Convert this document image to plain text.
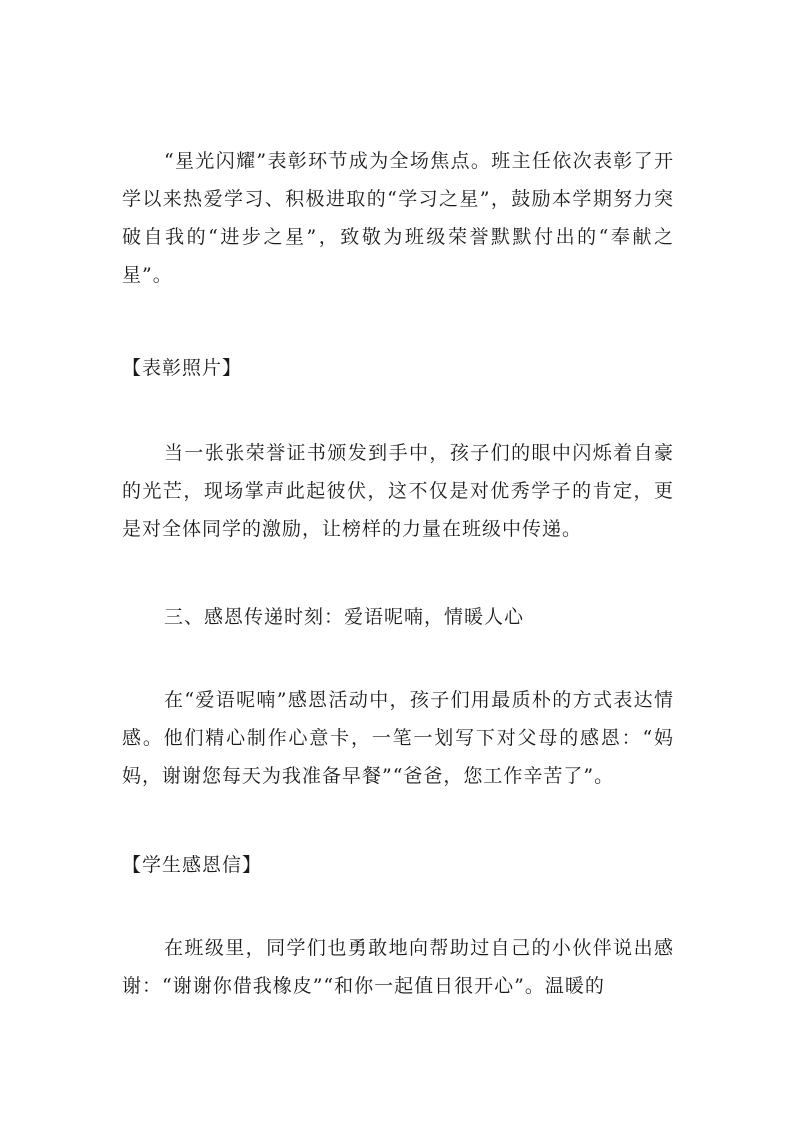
“星光闪耀”表彰环节成为全场焦点。班主任依次表彰了开学以来热爱学习、积极进取的“学习之星”，鼓励本学期努力突破自我的“进步之星”，致敬为班级荣誉默默付出的“奉献之星”。

【表彰照片】

当一张张荣誉证书颁发到手中，孩子们的眼中闪烁着自豪的光芒，现场掌声此起彼伏，这不仅是对优秀学子的肯定，更是对全体同学的激励，让榜样的力量在班级中传递。

三、感恩传递时刻：爱语呢喃，情暖人心

在“爱语呢喃”感恩活动中，孩子们用最质朴的方式表达情感。他们精心制作心意卡，一笔一划写下对父母的感恩：“妈妈，谢谢您每天为我准备早餐”“爸爸，您工作辛苦了”。

【学生感恩信】

在班级里，同学们也勇敢地向帮助过自己的小伙伴说出感谢：“谢谢你借我橡皮”“和你一起值日很开心”。温暖的
